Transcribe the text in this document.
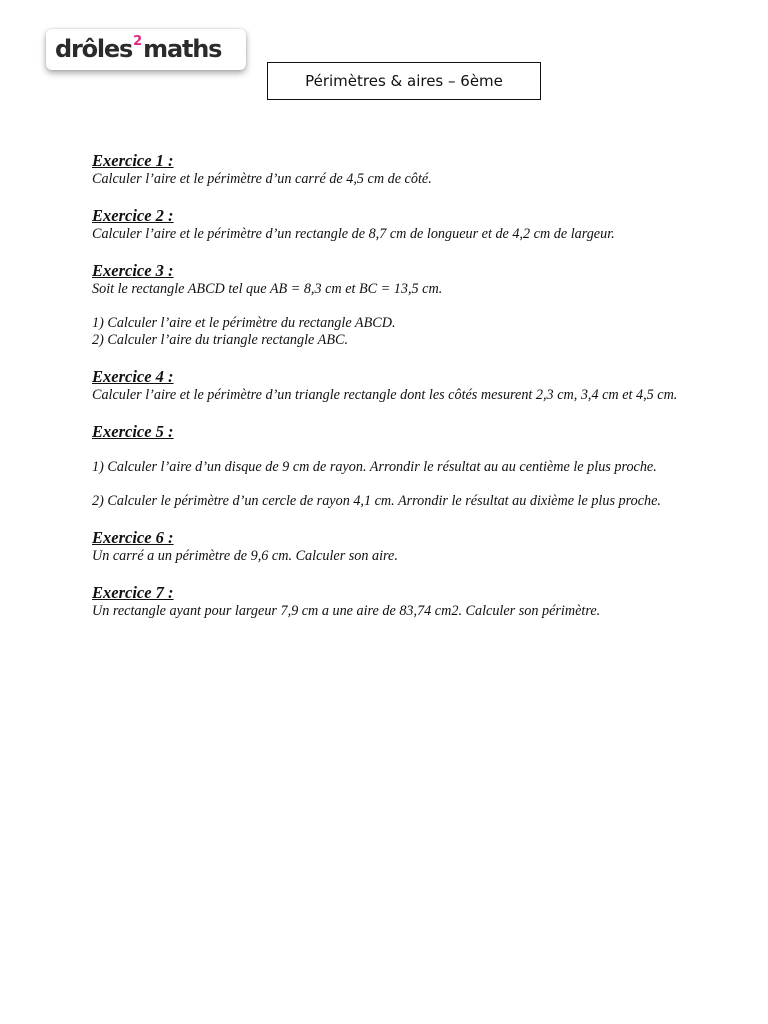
drôles$^2$maths
Périmètres & aires – 6ème
Exercice 1 :
Calculer l’aire et le périmètre d’un carré de 4,5 cm de côté.
Exercice 2 :
Calculer l’aire et le périmètre d’un rectangle de 8,7 cm de longueur et de 4,2 cm de largeur.
Exercice 3 :
Soit le rectangle ABCD tel que AB = 8,3 cm et BC = 13,5 cm.
1) Calculer l’aire et le périmètre du rectangle ABCD.
2) Calculer l’aire du triangle rectangle ABC.
Exercice 4 :
Calculer l’aire et le périmètre d’un triangle rectangle dont les côtés mesurent 2,3 cm, 3,4 cm et 4,5 cm.
Exercice 5 :
1) Calculer l’aire d’un disque de 9 cm de rayon. Arrondir le résultat au au centième le plus proche.
2) Calculer le périmètre d’un cercle de rayon 4,1 cm. Arrondir le résultat au dixième le plus proche.
Exercice 6 :
Un carré a un périmètre de 9,6 cm. Calculer son aire.
Exercice 7 :
Un rectangle ayant pour largeur 7,9 cm a une aire de 83,74 cm2. Calculer son périmètre.
